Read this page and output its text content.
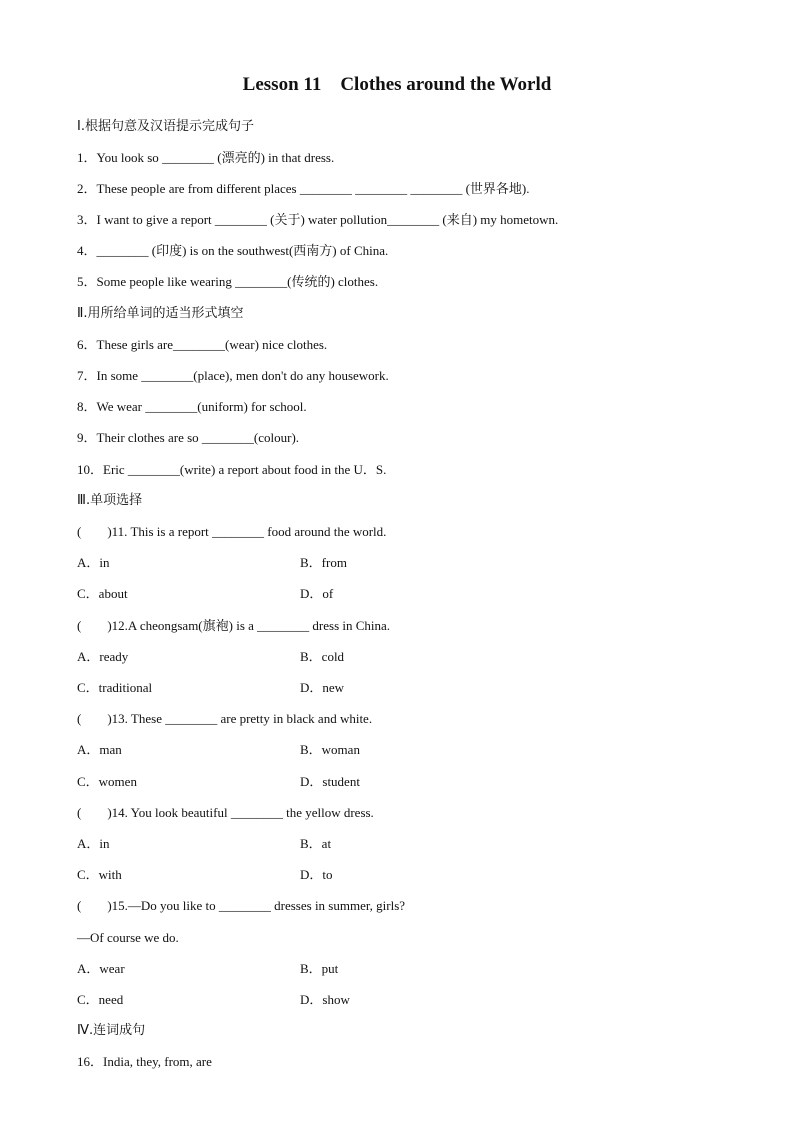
Lesson 11    Clothes around the World
Ⅰ.根据句意及汉语提示完成句子
1．You look so ________ (漂亮的) in that dress.
2．These people are from different places ________ ________ ________ (世界各地).
3．I want to give a report ________ (关于) water pollution________ (来自) my hometown.
4．________ (印度) is on the southwest(西南方) of China.
5．Some people like wearing ________(传统的) clothes.
Ⅱ.用所给单词的适当形式填空
6．These girls are________(wear) nice clothes.
7．In some ________(place), men don't do any housework.
8．We wear ________(uniform) for school.
9．Their clothes are so ________(colour).
10．Eric ________(write) a report about food in the U．S.
Ⅲ.单项选择
(　　)11. This is a report ________ food around the world.
A．in	B．from
C．about	D．of
(　　)12.A cheongsam(旗袍) is a ________ dress in China.
A．ready	B．cold
C．traditional	D．new
(　　)13. These ________ are pretty in black and white.
A．man	B．woman
C．women	D．student
(　　)14. You look beautiful ________ the yellow dress.
A．in	B．at
C．with	D．to
(　　)15.—Do you like to ________ dresses in summer, girls?
—Of course we do.
A．wear	B．put
C．need	D．show
Ⅳ.连词成句
16．India, they, from, are
